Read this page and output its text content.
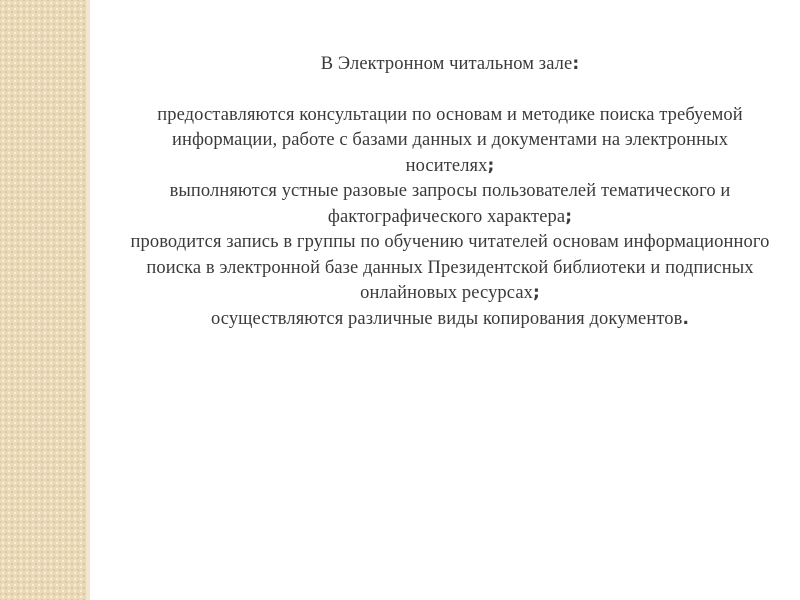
В Электронном читальном зале:

предоставляются консультации по основам и методике поиска требуемой информации, работе с базами данных и документами на электронных носителях;
выполняются устные разовые запросы пользователей тематического и фактографического характера;
проводится запись в группы по обучению читателей основам информационного поиска в электронной базе данных Президентской библиотеки и подписных онлайновых ресурсах;
осуществляются различные виды копирования документов.
